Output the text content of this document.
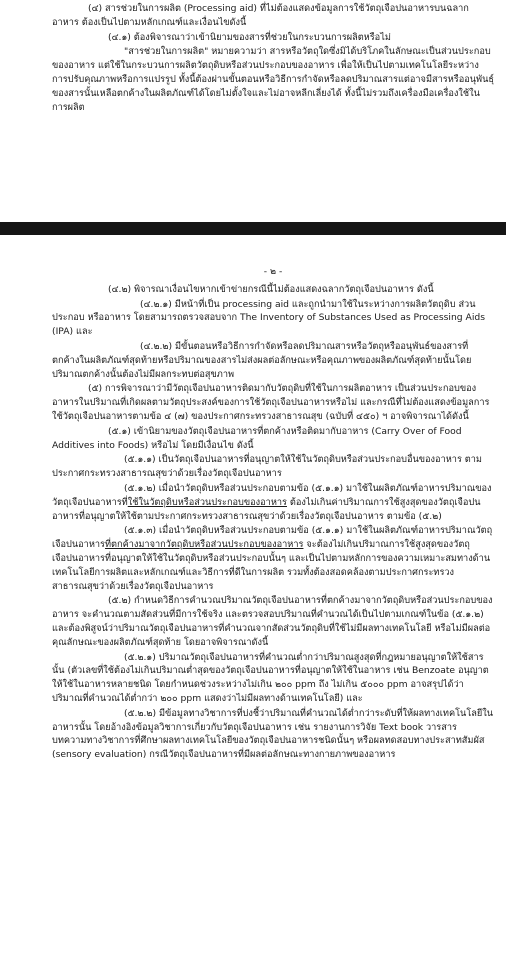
(๔) สารช่วยในการผลิต (Processing aid) ที่ไม่ต้องแสดงข้อมูลการใช้วัตถุเจือปนอาหารบนฉลากอาหาร ต้องเป็นไปตามหลักเกณฑ์และเงื่อนไขดังนี้

(๔.๑) ต้องพิจารณาว่าเข้านิยามของสารที่ช่วยในกระบวนการผลิตหรือไม่

"สารช่วยในการผลิต" หมายความว่า สารหรือวัตถุใดซึ่งมิได้บริโภคในลักษณะเป็นส่วนประกอบของอาหาร แต่ใช้ในกระบวนการผลิตวัตถุดิบหรือส่วนประกอบของอาหาร เพื่อให้เป็นไปตามเทคโนโลยีระหว่างการปรับคุณภาพหรือการแปรรูป ทั้งนี้ต้องผ่านขั้นตอนหรือวิธีการกำจัดหรือลดปริมาณสารแต่อาจมีสารหรืออนุพันธุ์ของสารนั้นเหลือตกค้างในผลิตภัณฑ์ได้โดยไม่ตั้งใจและไม่อาจหลีกเลี่ยงได้ ทั้งนี้ไม่รวมถึงเครื่องมือเครื่องใช้ในการผลิต

- ๒ -

(๔.๒) พิจารณาเงื่อนไขหากเข้าข่ายกรณีนี้ไม่ต้องแสดงฉลากวัตถุเจือปนอาหาร ดังนี้

(๔.๒.๑) มีหน้าที่เป็น processing aid และถูกนำมาใช้ในระหว่างการผลิตวัตถุดิบ ส่วนประกอบ หรืออาหาร โดยสามารถตรวจสอบจาก The Inventory of Substances Used as Processing Aids (IPA) และ

(๔.๒.๒) มีขั้นตอนหรือวิธีการกำจัดหรือลดปริมาณสารหรือวัตถุหรืออนุพันธ์ของสารที่ตกค้างในผลิตภัณฑ์สุดท้ายหรือปริมาณของสารไม่ส่งผลต่อลักษณะหรือคุณภาพของผลิตภัณฑ์สุดท้ายนั้นโดยปริมาณตกค้างนั้นต้องไม่มีผลกระทบต่อสุขภาพ

(๕) การพิจารณาว่ามีวัตถุเจือปนอาหารติดมากับวัตถุดิบที่ใช้ในการผลิตอาหาร เป็นส่วนประกอบของอาหารในปริมาณที่เกิดผลตามวัตถุประสงค์ของการใช้วัตถุเจือปนอาหารหรือไม่ และกรณีที่ไม่ต้องแสดงข้อมูลการใช้วัตถุเจือปนอาหารตามข้อ ๔ (๗) ของประกาศกระทรวงสาธารณสุข (ฉบับที่ ๔๕๐) ฯ อาจพิจารณาได้ดังนี้

(๕.๑) เข้านิยามของวัตถุเจือปนอาหารที่ตกค้างหรือติดมากับอาหาร (Carry Over of Food Additives into Foods) หรือไม่ โดยมีเงื่อนไข ดังนี้

(๕.๑.๑) เป็นวัตถุเจือปนอาหารที่อนุญาตให้ใช้ในวัตถุดิบหรือส่วนประกอบอื่นของอาหาร ตามประกาศกระทรวงสาธารณสุขว่าด้วยเรื่องวัตถุเจือปนอาหาร

(๕.๑.๒) เมื่อนำวัตถุดิบหรือส่วนประกอบตามข้อ (๕.๑.๑) มาใช้ในผลิตภัณฑ์อาหารปริมาณของวัตถุเจือปนอาหารที่ใช้ในวัตถุดิบหรือส่วนประกอบของอาหาร ต้องไม่เกินค่าปริมาณการใช้สูงสุดของวัตถุเจือปนอาหารที่อนุญาตให้ใช้ตามประกาศกระทรวงสาธารณสุขว่าด้วยเรื่องวัตถุเจือปนอาหาร ตามข้อ (๕.๒)

(๕.๑.๓) เมื่อนำวัตถุดิบหรือส่วนประกอบตามข้อ (๕.๑.๑) มาใช้ในผลิตภัณฑ์อาหารปริมาณวัตถุเจือปนอาหารที่ตกค้างมาจากวัตถุดิบหรือส่วนประกอบของอาหาร จะต้องไม่เกินปริมาณการใช้สูงสุดของวัตถุเจือปนอาหารที่อนุญาตให้ใช้ในวัตถุดิบหรือส่วนประกอบนั้นๆ และเป็นไปตามหลักการของความเหมาะสมทางด้านเทคโนโลยีการผลิตและหลักเกณฑ์และวิธีการที่ดีในการผลิต รวมทั้งต้องสอดคล้องตามประกาศกระทรวงสาธารณสุขว่าด้วยเรื่องวัตถุเจือปนอาหาร

(๕.๒) กำหนดวิธีการคำนวณปริมาณวัตถุเจือปนอาหารที่ตกค้างมาจากวัตถุดิบหรือส่วนประกอบของอาหาร จะคำนวณตามสัดส่วนที่มีการใช้จริง และตรวจสอบปริมาณที่คำนวณได้เป็นไปตามเกณฑ์ในข้อ (๕.๑.๒) และต้องพิสูจน์ว่าปริมาณวัตถุเจือปนอาหารที่คำนวณจากสัดส่วนวัตถุดิบที่ใช้ไม่มีผลทางเทคโนโลยี หรือไม่มีผลต่อคุณลักษณะของผลิตภัณฑ์สุดท้าย โดยอาจพิจารณาดังนี้

(๕.๒.๑) ปริมาณวัตถุเจือปนอาหารที่คำนวณต่ำกว่าปริมาณสูงสุดที่กฎหมายอนุญาตให้ใช้สารนั้น (ตัวเลขที่ใช้ต้องไม่เกินปริมาณต่ำสุดของวัตถุเจือปนอาหารที่อนุญาตให้ใช้ในอาหาร เช่น Benzoate อนุญาตให้ใช้ในอาหารหลายชนิด โดยกำหนดช่วงระหว่างไม่เกิน ๒๐๐ ppm ถึง ไม่เกิน ๕๐๐๐ ppm อาจสรุปได้ว่าปริมาณที่คำนวณได้ต่ำกว่า ๒๐๐ ppm แสดงว่าไม่มีผลทางด้านเทคโนโลยี) และ

(๕.๒.๒) มีข้อมูลทางวิชาการที่บ่งชี้ว่าปริมาณที่คำนวณได้ต่ำกว่าระดับที่ให้ผลทางเทคโนโลยีในอาหารนั้น โดยอ้างอิงข้อมูลวิชาการเกี่ยวกับวัตถุเจือปนอาหาร เช่น รายงานการวิจัย Text book วารสาร บทความทางวิชาการที่ศึกษาผลทางเทคโนโลยีของวัตถุเจือปนอาหารชนิดนั้นๆ หรือผลทดสอบทางประสาทสัมผัส (sensory evaluation) กรณีวัตถุเจือปนอาหารที่มีผลต่อลักษณะทางกายภาพของอาหาร
